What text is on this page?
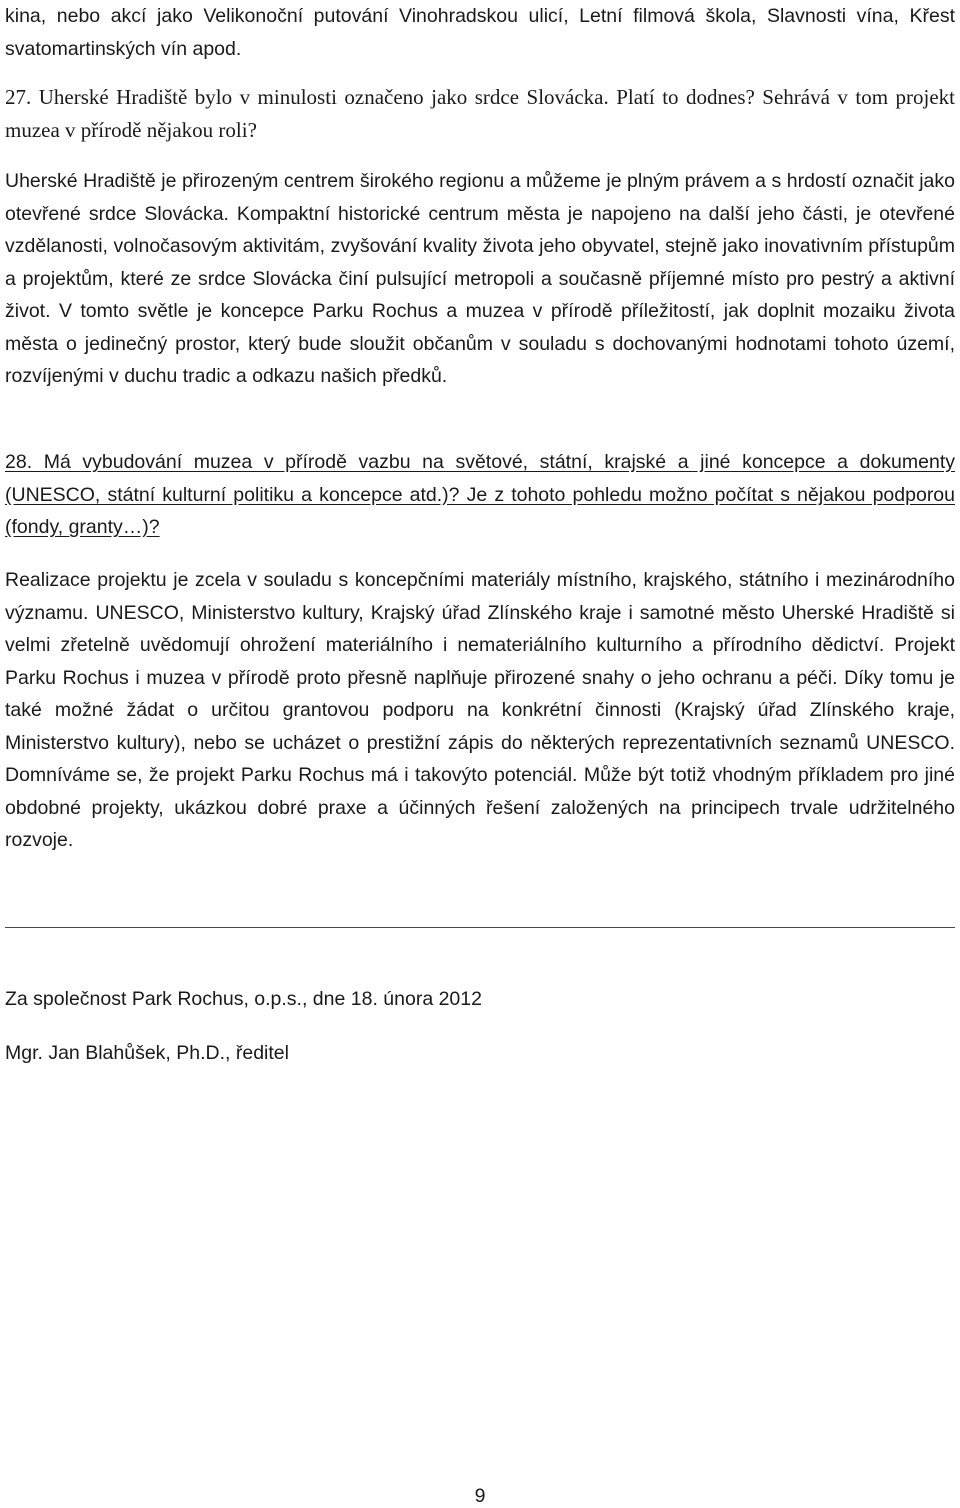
kina, nebo akcí jako Velikonoční putování Vinohradskou ulicí, Letní filmová škola, Slavnosti vína, Křest svatomartinských vín apod.

27. Uherské Hradiště bylo v minulosti označeno jako srdce Slovácka. Platí to dodnes? Sehrává v tom projekt muzea v přírodě nějakou roli?

Uherské Hradiště je přirozeným centrem širokého regionu a můžeme je plným právem a s hrdostí označit jako otevřené srdce Slovácka. Kompaktní historické centrum města je napojeno na další jeho části, je otevřené vzdělanosti, volnočasovým aktivitám, zvyšování kvality života jeho obyvatel, stejně jako inovativním přístupům a projektům, které ze srdce Slovácka činí pulsující metropoli a současně příjemné místo pro pestrý a aktivní život. V tomto světle je koncepce Parku Rochus a muzea v přírodě příležitostí, jak doplnit mozaiku života města o jedinečný prostor, který bude sloužit občanům v souladu s dochovanými hodnotami tohoto území, rozvíjenými v duchu tradic a odkazu našich předků.

28. Má vybudování muzea v přírodě vazbu na světové, státní, krajské a jiné koncepce a dokumenty (UNESCO, státní kulturní politiku a koncepce atd.)? Je z tohoto pohledu možno počítat s nějakou podporou (fondy, granty…)?

Realizace projektu je zcela v souladu s koncepčními materiály místního, krajského, státního i mezinárodního významu. UNESCO, Ministerstvo kultury, Krajský úřad Zlínského kraje i samotné město Uherské Hradiště si velmi zřetelně uvědomují ohrožení materiálního i nemateriálního kulturního a přírodního dědictví. Projekt Parku Rochus i muzea v přírodě proto přesně naplňuje přirozené snahy o jeho ochranu a péči. Díky tomu je také možné žádat o určitou grantovou podporu na konkrétní činnosti (Krajský úřad Zlínského kraje, Ministerstvo kultury), nebo se ucházet o prestižní zápis do některých reprezentativních seznamů UNESCO. Domníváme se, že projekt Parku Rochus má i takovýto potenciál. Může být totiž vhodným příkladem pro jiné obdobné projekty, ukázkou dobré praxe a účinných řešení založených na principech trvale udržitelného rozvoje.

Za společnost Park Rochus, o.p.s., dne 18. února 2012

Mgr. Jan Blahůšek, Ph.D., ředitel

9
